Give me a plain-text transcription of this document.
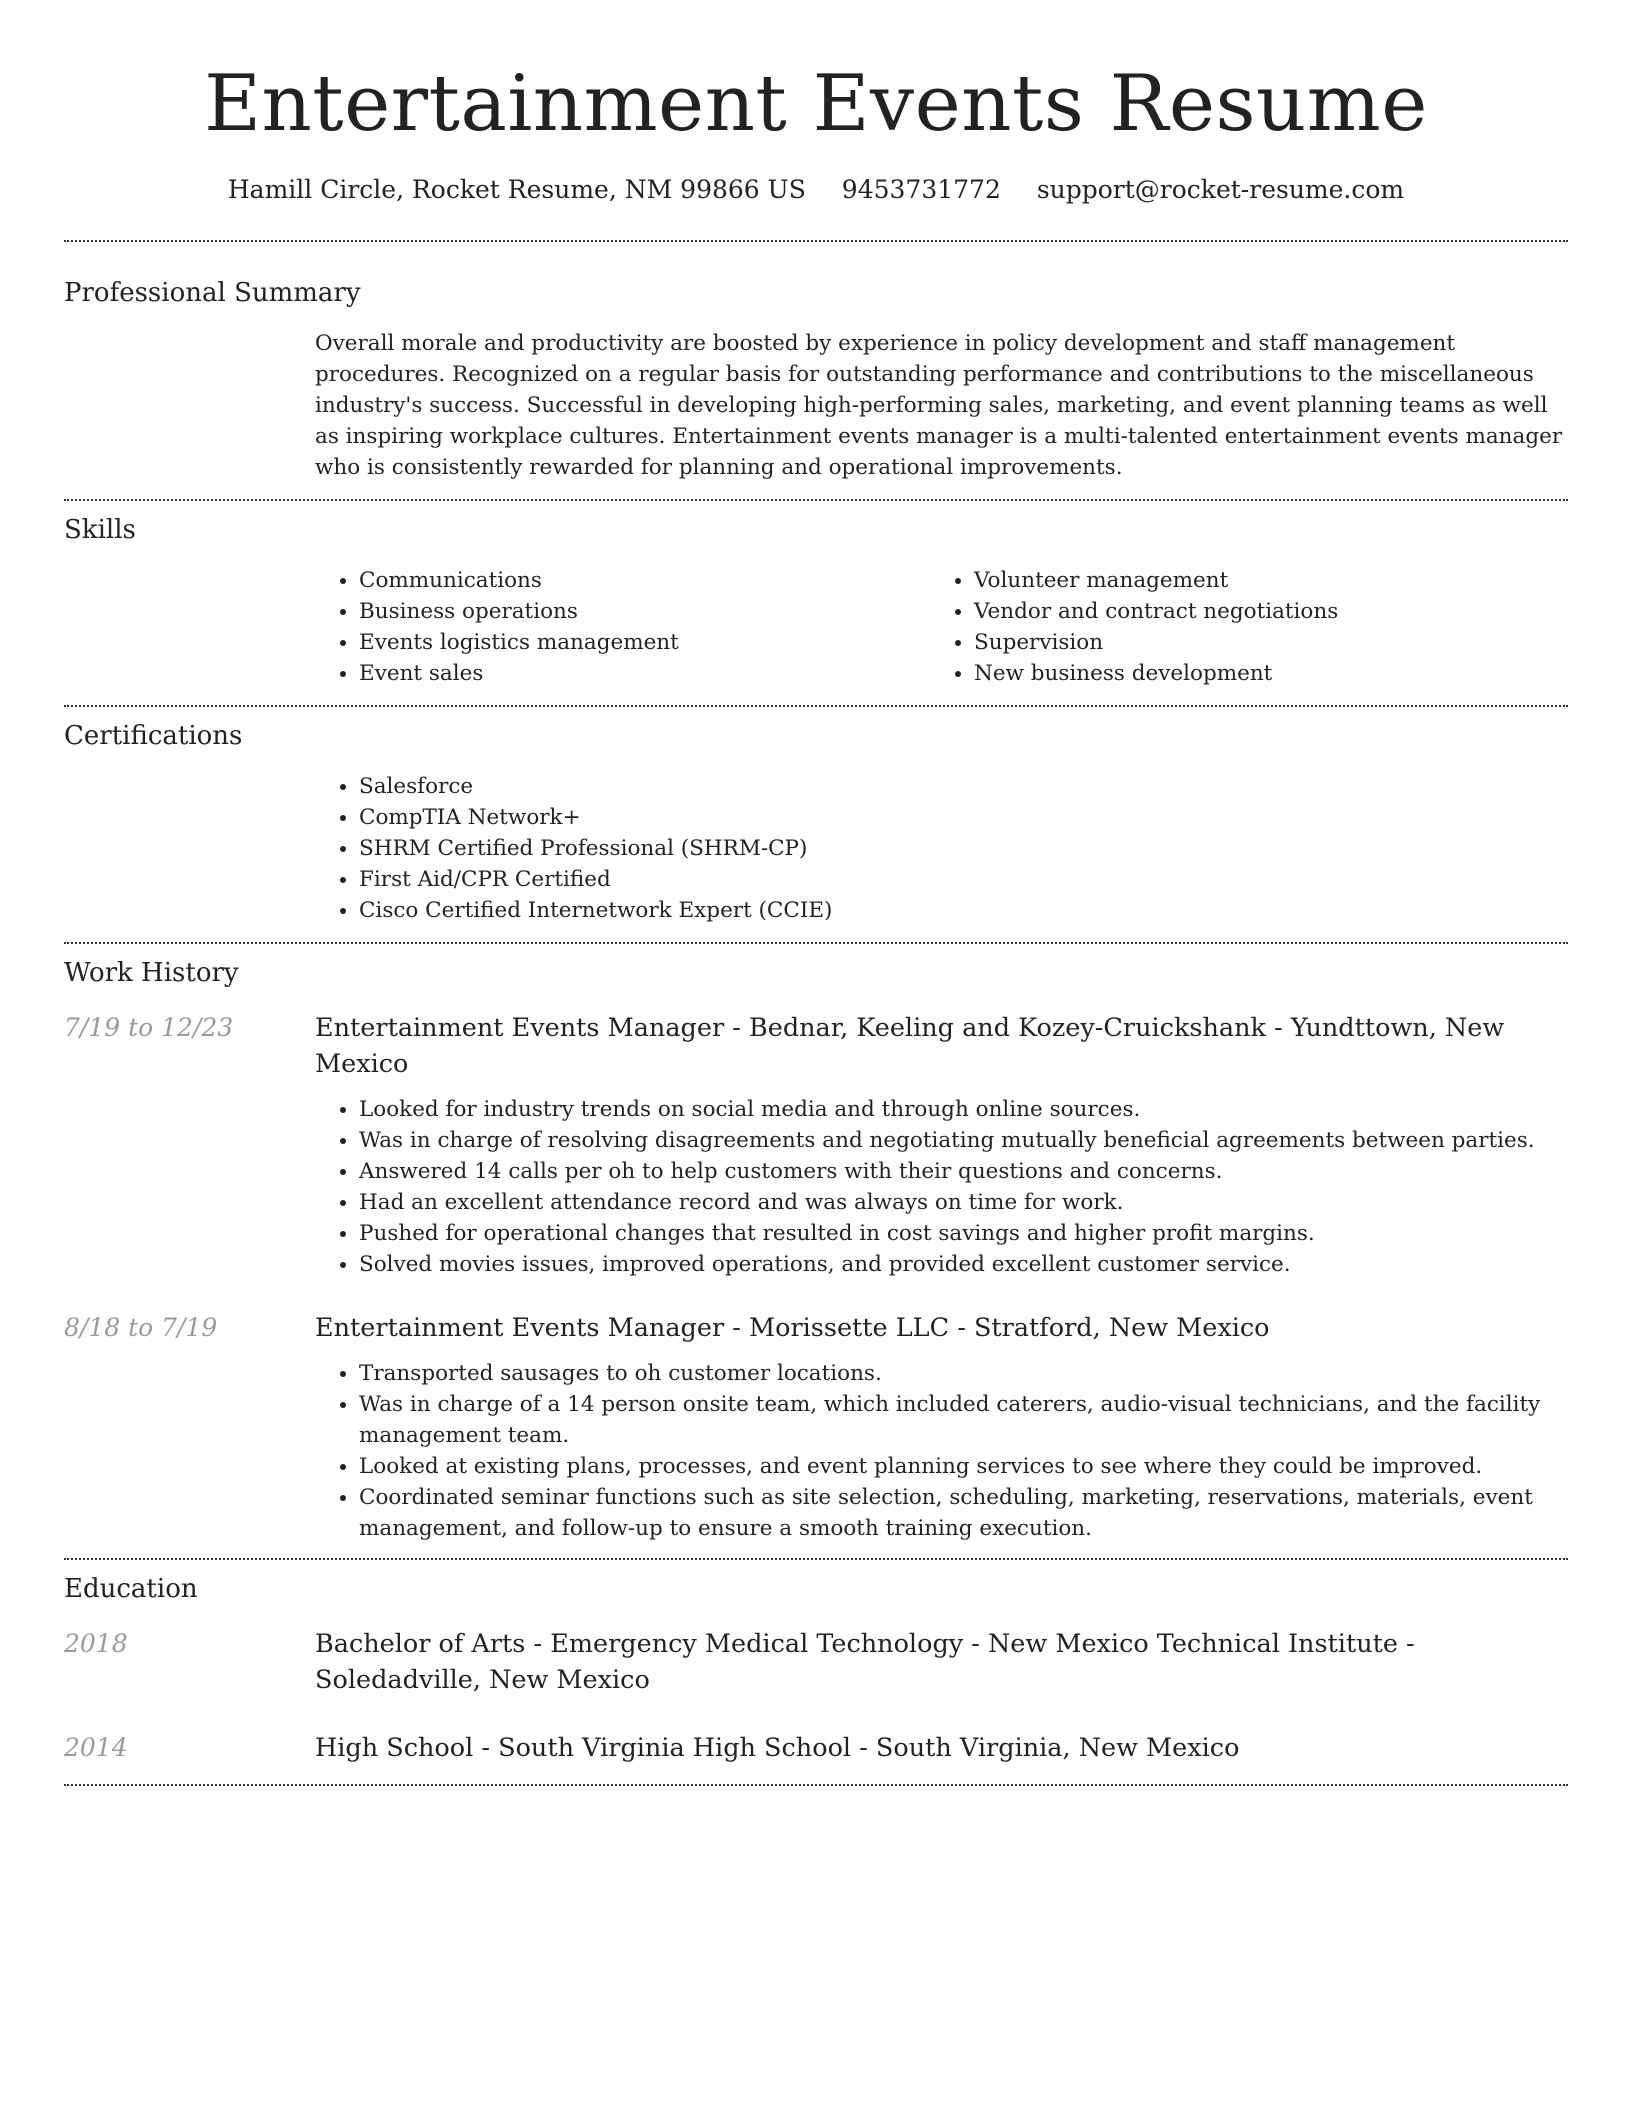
Entertainment Events Resume
Hamill Circle, Rocket Resume, NM 99866 US 9453731772 support@rocket-resume.com
Professional Summary

Overall morale and productivity are boosted by experience in policy development and staff management procedures. Recognized on a regular basis for outstanding performance and contributions to the miscellaneous industry's success. Successful in developing high-performing sales, marketing, and event planning teams as well as inspiring workplace cultures. Entertainment events manager is a multi-talented entertainment events manager who is consistently rewarded for planning and operational improvements.

Skills
• Communications
• Business operations
• Events logistics management
• Event sales
• Volunteer management
• Vendor and contract negotiations
• Supervision
• New business development
Certifications
• Salesforce
• CompTIA Network+
• SHRM Certified Professional (SHRM-CP)
• First Aid/CPR Certified
• Cisco Certified Internetwork Expert (CCIE)
Work History
7/19 to 12/23	Entertainment Events Manager - Bednar, Keeling and Kozey-Cruickshank - Yundttown, New Mexico
• Looked for industry trends on social media and through online sources.
• Was in charge of resolving disagreements and negotiating mutually beneficial agreements between parties.
• Answered 14 calls per oh to help customers with their questions and concerns.
• Had an excellent attendance record and was always on time for work.
• Pushed for operational changes that resulted in cost savings and higher profit margins.
• Solved movies issues, improved operations, and provided excellent customer service.
8/18 to 7/19	Entertainment Events Manager - Morissette LLC - Stratford, New Mexico
• Transported sausages to oh customer locations.
• Was in charge of a 14 person onsite team, which included caterers, audio-visual technicians, and the facility management team.
• Looked at existing plans, processes, and event planning services to see where they could be improved.
• Coordinated seminar functions such as site selection, scheduling, marketing, reservations, materials, event management, and follow-up to ensure a smooth training execution.
Education
2018	Bachelor of Arts - Emergency Medical Technology - New Mexico Technical Institute - Soledadville, New Mexico
2014	High School - South Virginia High School - South Virginia, New Mexico
